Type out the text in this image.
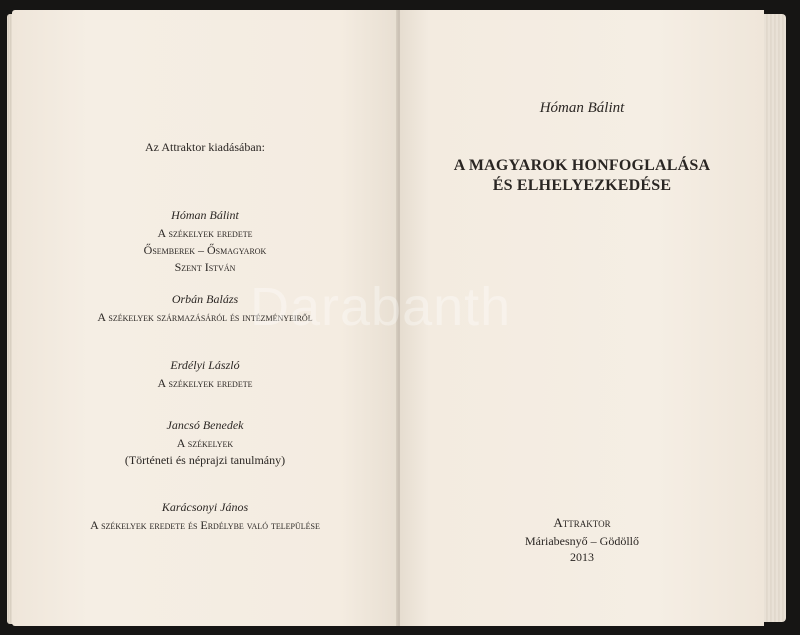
Az Attraktor kiadásában:
Hóman Bálint
A székelyek eredete
Ősemberek – Ősmagyarok
Szent István
Orbán Balázs
A székelyek származásáról és intézményeiről
Erdélyi László
A székelyek eredete
Jancsó Benedek
A székelyek
(Történeti és néprajzi tanulmány)
Karácsonyi János
A székelyek eredete és Erdélybe való települése
Hóman Bálint
A MAGYAROK HONFOGLALÁSA
ÉS ELHELYEZKEDÉSE
Attraktor
Máriabesnyő – Gödöllő
2013
Darabanth
